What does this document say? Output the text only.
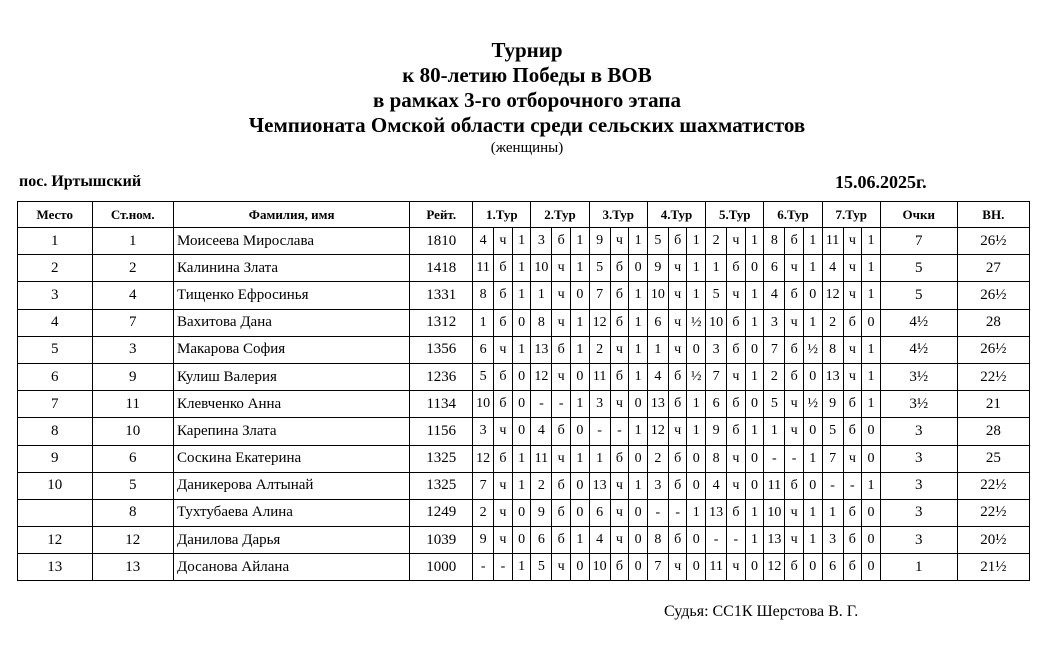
Турнир
к 80-летию Победы в ВОВ
в рамках 3-го отборочного этапа
Чемпионата Омской области среди сельских шахматистов
(женщины)
пос. Иртышский	15.06.2025г.
Место	Ст.ном.	Фамилия, имя	Рейт.	1.Тур			2.Тур			3.Тур			4.Тур			5.Тур			6.Тур			7.Тур			Очки	ВН.
1	1	Моисеева Мирослава	1810	4	ч	1	3	б	1	9	ч	1	5	б	1	2	ч	1	8	б	1	11	ч	1	7	26½
2	2	Калинина Злата	1418	11	б	1	10	ч	1	5	б	0	9	ч	1	1	б	0	6	ч	1	4	ч	1	5	27
3	4	Тищенко Ефросинья	1331	8	б	1	1	ч	0	7	б	1	10	ч	1	5	ч	1	4	б	0	12	ч	1	5	26½
4	7	Вахитова Дана	1312	1	б	0	8	ч	1	12	б	1	6	ч	½	10	б	1	3	ч	1	2	б	0	4½	28
5	3	Макарова София	1356	6	ч	1	13	б	1	2	ч	1	1	ч	0	3	б	0	7	б	½	8	ч	1	4½	26½
6	9	Кулиш Валерия	1236	5	б	0	12	ч	0	11	б	1	4	б	½	7	ч	1	2	б	0	13	ч	1	3½	22½
7	11	Клевченко Анна	1134	10	б	0	-	-	1	3	ч	0	13	б	1	6	б	0	5	ч	½	9	б	1	3½	21
8	10	Карепина Злата	1156	3	ч	0	4	б	0	-	-	1	12	ч	1	9	б	1	1	ч	0	5	б	0	3	28
9	6	Соскина Екатерина	1325	12	б	1	11	ч	1	1	б	0	2	б	0	8	ч	0	-	-	1	7	ч	0	3	25
10	5	Даникерова Алтынай	1325	7	ч	1	2	б	0	13	ч	1	3	б	0	4	ч	0	11	б	0	-	-	1	3	22½
	8	Тухтубаева Алина	1249	2	ч	0	9	б	0	6	ч	0	-	-	1	13	б	1	10	ч	1	1	б	0	3	22½
12	12	Данилова Дарья	1039	9	ч	0	6	б	1	4	ч	0	8	б	0	-	-	1	13	ч	1	3	б	0	3	20½
13	13	Досанова Айлана	1000	-	-	1	5	ч	0	10	б	0	7	ч	0	11	ч	0	12	б	0	6	б	0	1	21½
Судья: СС1К Шерстова В. Г.
